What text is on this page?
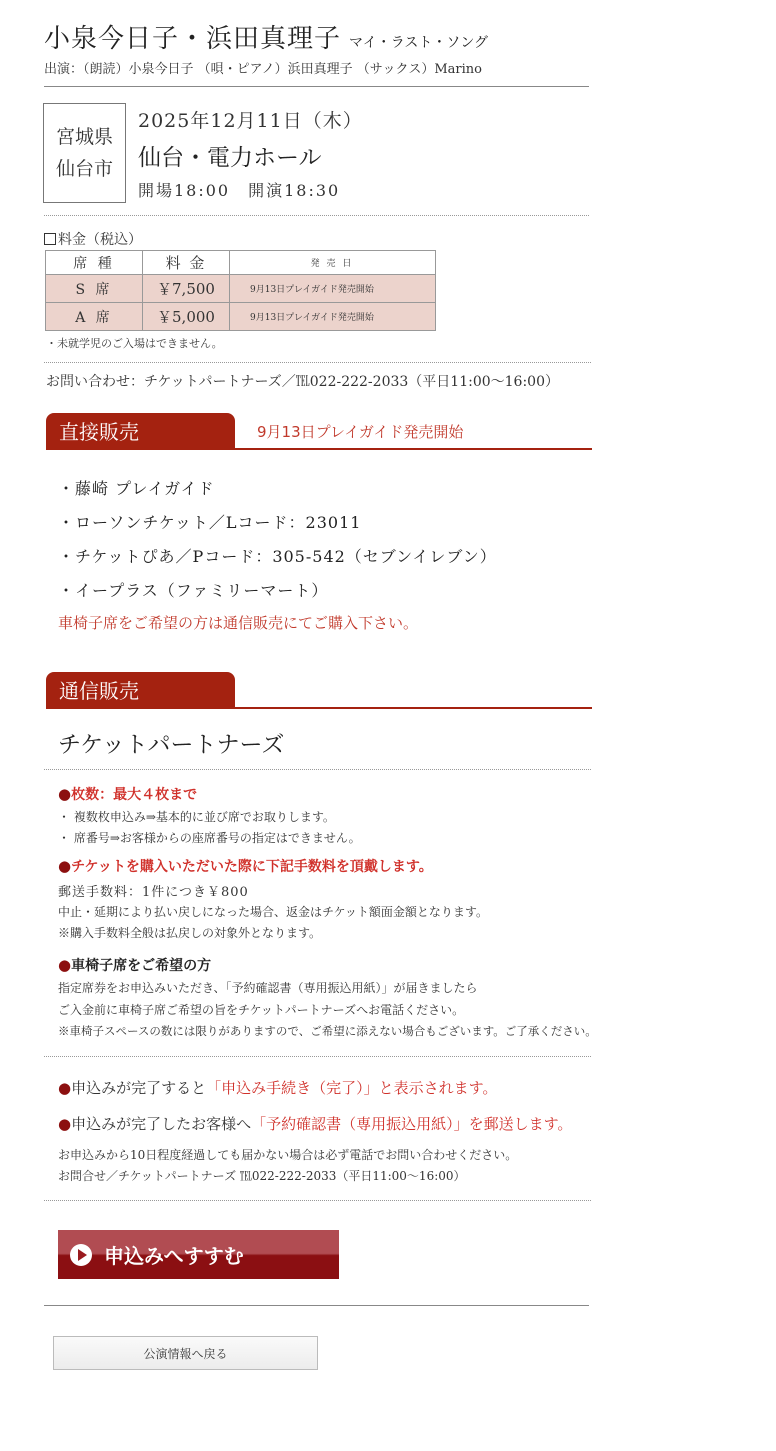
小泉今日子・浜田真理子 マイ・ラスト・ソング
出演：（朗読）小泉今日子 （唄・ピアノ）浜田真理子 （サックス）Marino
宮城県
仙台市
2025年12月11日（木）
仙台・電力ホール
開場18:00　開演18:30
料金（税込）
席 種	料 金	発 売 日
S 席	￥7,500	9月13日プレイガイド発売開始
A 席	￥5,000	9月13日プレイガイド発売開始
・未就学児のご入場はできません。
お問い合わせ：チケットパートナーズ／℡022-222-2033（平日11:00～16:00）
直接販売	9月13日プレイガイド発売開始
・藤崎 プレイガイド
・ローソンチケット／Lコード：23011
・チケットぴあ／Pコード：305-542（セブンイレブン）
・イープラス（ファミリーマート）
車椅子席をご希望の方は通信販売にてご購入下さい。
通信販売
チケットパートナーズ
●枚数：最大４枚まで
・ 複数枚申込み⇒基本的に並び席でお取りします。
・ 席番号⇒お客様からの座席番号の指定はできません。
●チケットを購入いただいた際に下記手数料を頂戴します。
郵送手数料：1件につき￥800
中止・延期により払い戻しになった場合、返金はチケット額面金額となります。
※購入手数料全般は払戻しの対象外となります。
●車椅子席をご希望の方
指定席券をお申込みいただき、「予約確認書（専用振込用紙）」が届きましたら
ご入金前に車椅子席ご希望の旨をチケットパートナーズへお電話ください。
※車椅子スペースの数には限りがありますので、ご希望に添えない場合もございます。ご了承ください。
●申込みが完了すると「申込み手続き（完了）」と表示されます。
●申込みが完了したお客様へ「予約確認書（専用振込用紙）」を郵送します。
お申込みから10日程度経過しても届かない場合は必ず電話でお問い合わせください。
お問合せ／チケットパートナーズ ℡022-222-2033（平日11:00～16:00）
申込みへすすむ
公演情報へ戻る
